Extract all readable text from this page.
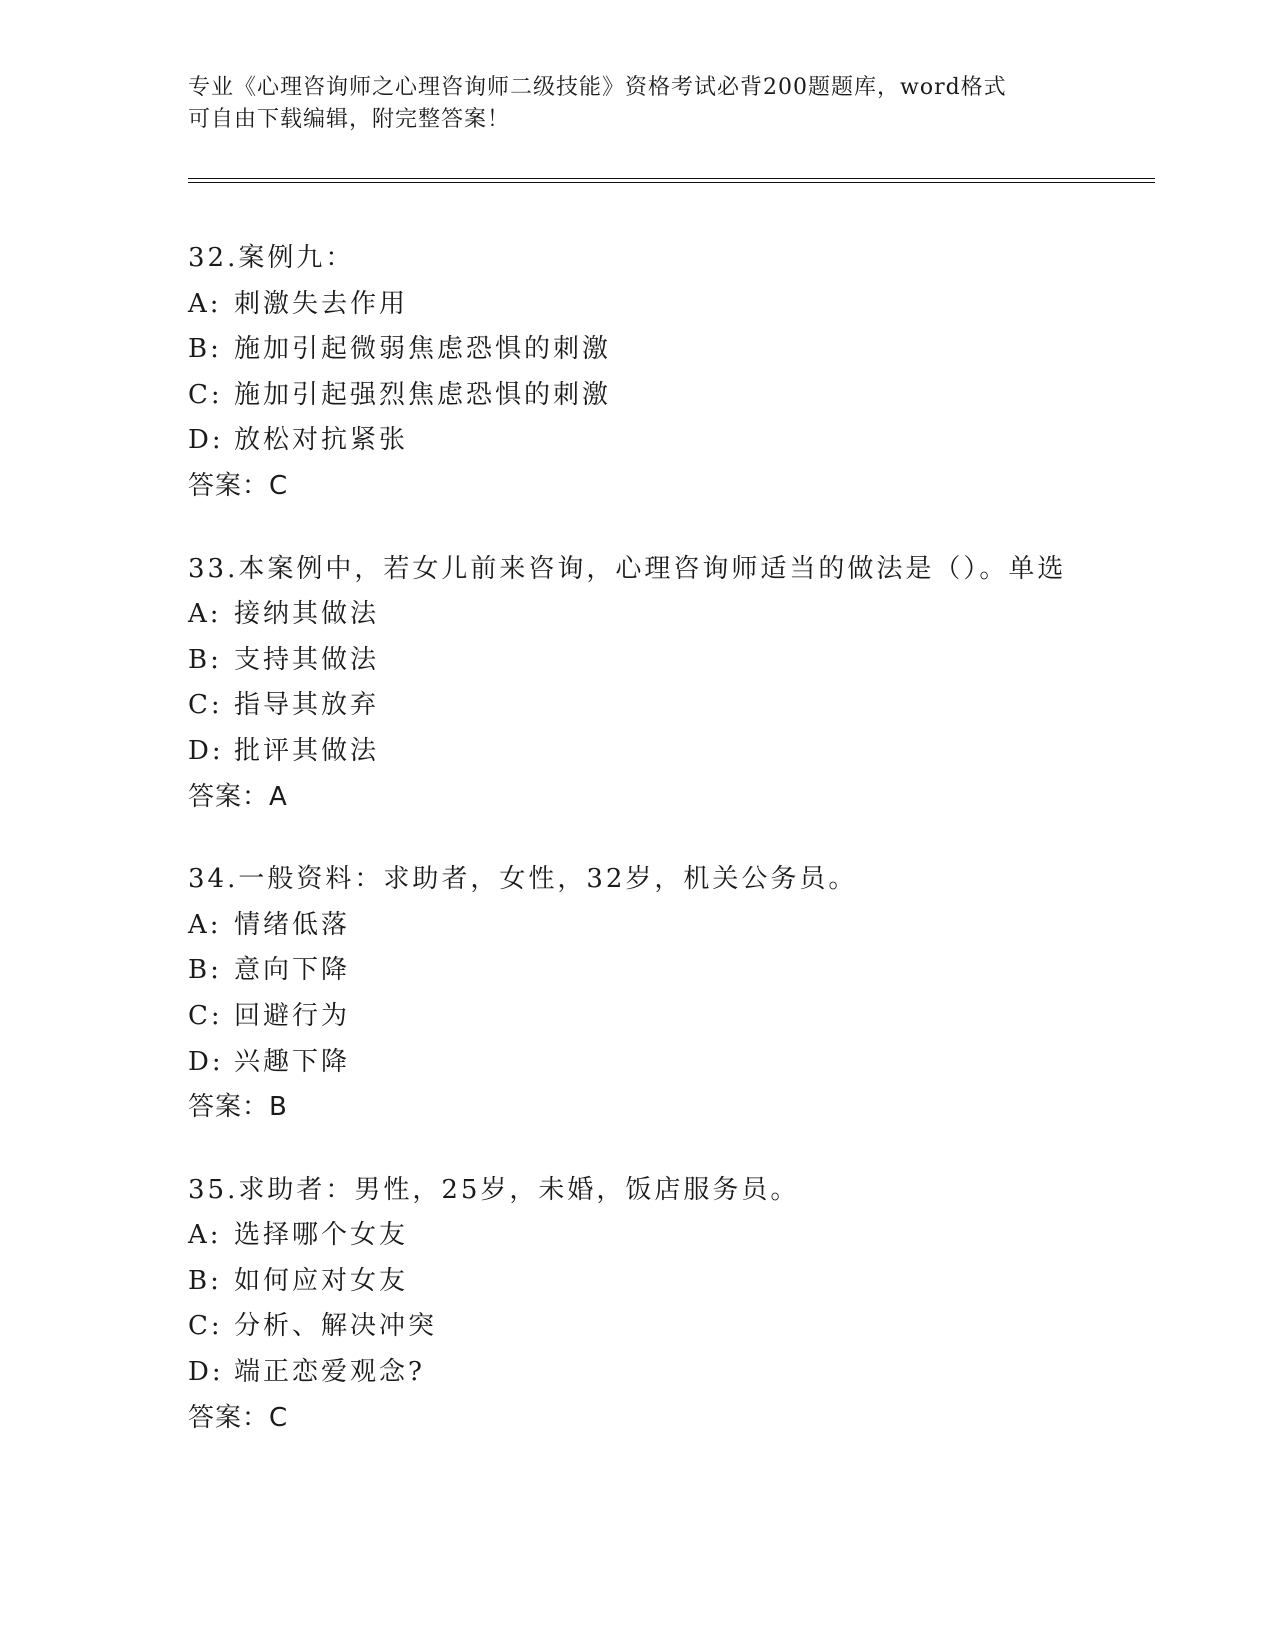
专业《心理咨询师之心理咨询师二级技能》资格考试必背200题题库，word格式
可自由下载编辑，附完整答案！
32.案例九：
A: 刺激失去作用
B: 施加引起微弱焦虑恐惧的刺激
C: 施加引起强烈焦虑恐惧的刺激
D: 放松对抗紧张
答案：C
33.本案例中，若女儿前来咨询，心理咨询师适当的做法是（）。单选
A: 接纳其做法
B: 支持其做法
C: 指导其放弃
D: 批评其做法
答案：A
34.一般资料：求助者，女性，32岁，机关公务员。
A: 情绪低落
B: 意向下降
C: 回避行为
D: 兴趣下降
答案：B
35.求助者：男性，25岁，未婚，饭店服务员。
A: 选择哪个女友
B: 如何应对女友
C: 分析、解决冲突
D: 端正恋爱观念?
答案：C
